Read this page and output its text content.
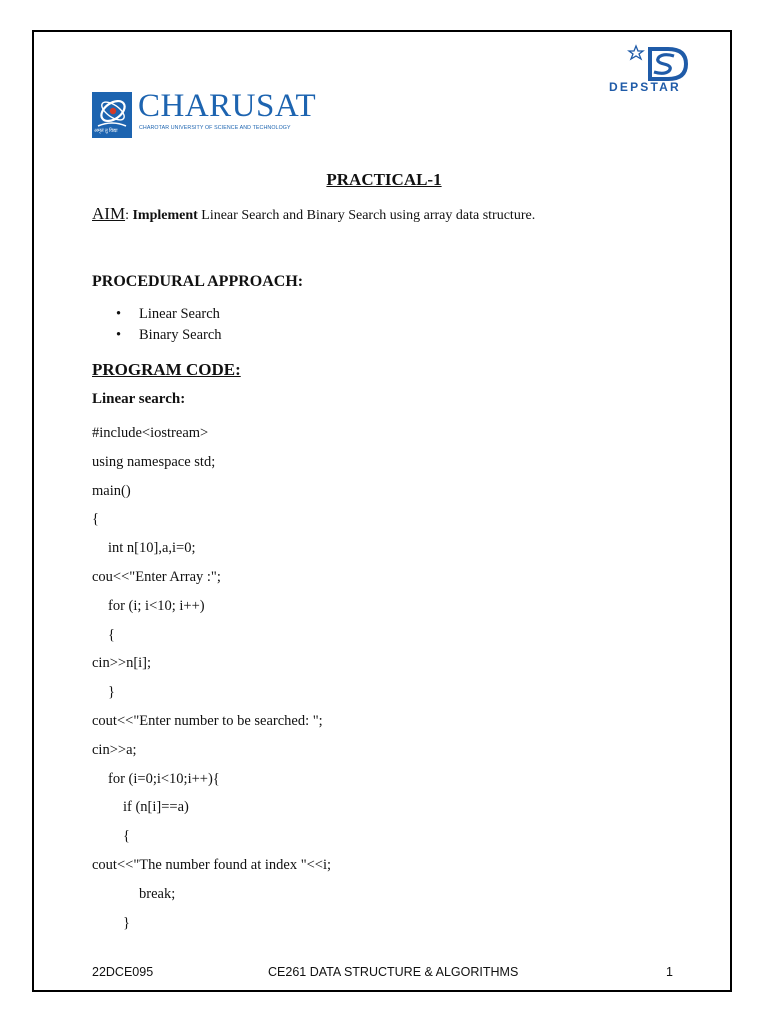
अमृतं तु विद्या
CHARUSAT
CHAROTAR UNIVERSITY OF SCIENCE AND TECHNOLOGY
DEPSTAR
PRACTICAL-1
AIM: Implement Linear Search and Binary Search using array data structure.
PROCEDURAL APPROACH:
• Linear Search
• Binary Search
PROGRAM CODE:
Linear search:
#include<iostream>
using namespace std;
main()
{
int n[10],a,i=0;
cou<<"Enter Array :";
for (i; i<10; i++)
{
cin>>n[i];
}
cout<<"Enter number to be searched: ";
cin>>a;
for (i=0;i<10;i++){
if (n[i]==a)
{
cout<<"The number found at index "<<i;
break;
}
22DCE095	CE261 DATA STRUCTURE & ALGORITHMS	1
